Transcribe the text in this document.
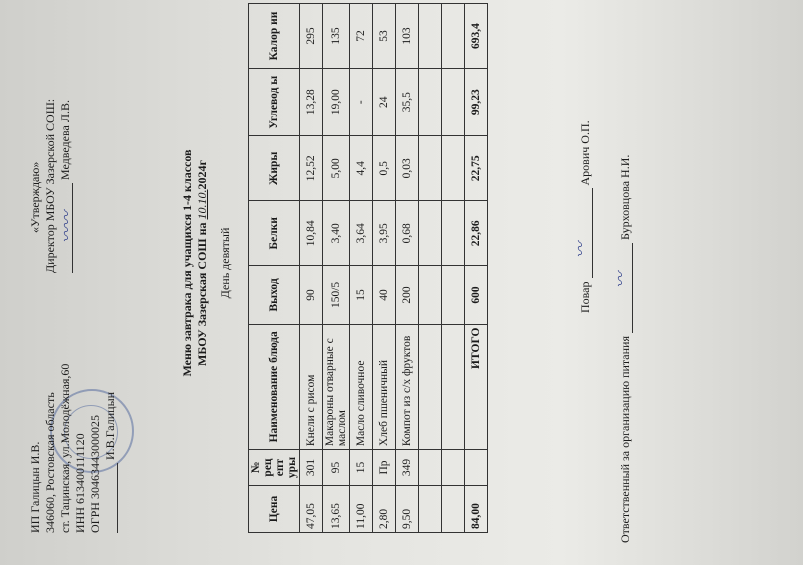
ИП Галицын И.В. 346060, Ростовская область ст. Тацинская, ул.Молодёжная,60 ИНН 613400111120 ОГРН 30463443000025 И.В.Галицын
«Утверждаю» Директор МБОУ Зазерской СОШ: Медведева Л.В.
〰〰	Меню завтрака для учащихся 1-4 классов МБОУ Зазерская СОШ на 10.10.2024г
День девятый
Цена	№ рец епт уры	Наименование блюда	Выход	Белки	Жиры	Углевод ы	Калор ии
47,05	301	Кнели с рисом	90	10,84	12,52	13,28	295
13,65	95	Макароны отварные с маслом	150/5	3,40	5,00	19,00	135
11,00	15	Масло сливочное	15	3,64	4,4	-	72
2,80	Пр	Хлеб пшеничный	40	3,95	0,5	24	53
9,50	349	Компот из с/х фруктов	200	0,68	0,03	35,5	103

84,00		ИТОГО	600	22,86	22,75	99,23	693,4
Повар  Арович О.П.
〰
Ответственный за организацию питания  Бурховцова Н.И.
〰
